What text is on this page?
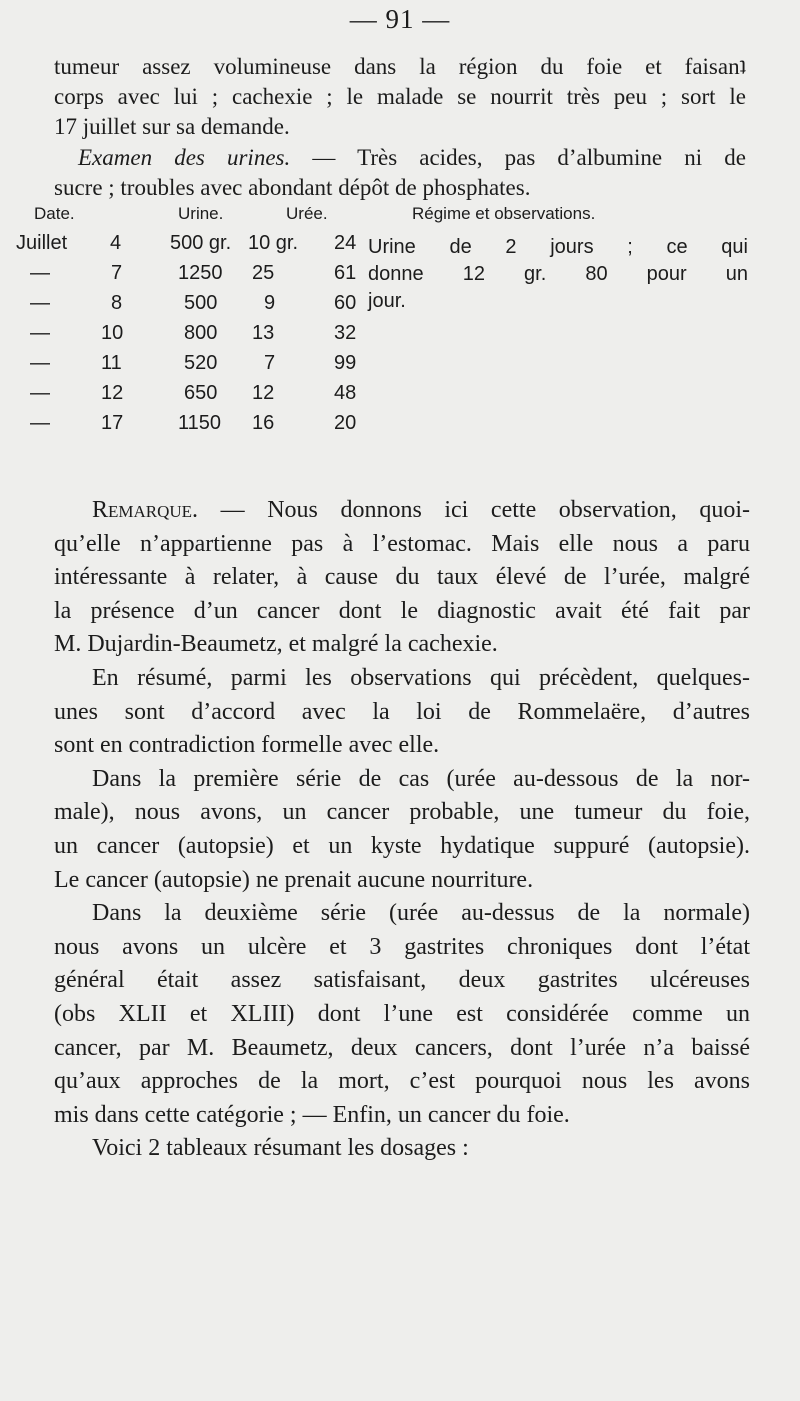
— 91 —
tumeur assez volumineuse dans la région du foie et faisanʇ
corps avec lui ; cachexie ; le malade se nourrit très peu ; sort le
17 juillet sur sa demande.
Examen des urines. — Très acides, pas d’albumine ni de
sucre ; troubles avec abondant dépôt de phosphates.
Date.	Urine.	Urée.	Régime et observations.
Juillet 4 500 gr. 10 gr. 24
—	7	1250 25	61
—	8	500 9	60
—	10	800 13	32
—	11	520 7	99
—	12	650 12	48
—	17	1150 16	20
Urine de 2 jours ; ce qui
donne 12 gr. 80 pour un
jour.
Remarque. — Nous donnons ici cette observation, quoi-
qu’elle n’appartienne pas à l’estomac. Mais elle nous a paru
intéressante à relater, à cause du taux élevé de l’urée, malgré
la présence d’un cancer dont le diagnostic avait été fait par
M. Dujardin-Beaumetz, et malgré la cachexie.
En résumé, parmi les observations qui précèdent, quelques-
unes sont d’accord avec la loi de Rommelaëre, d’autres
sont en contradiction formelle avec elle.
Dans la première série de cas (urée au-dessous de la nor-
male), nous avons, un cancer probable, une tumeur du foie,
un cancer (autopsie) et un kyste hydatique suppuré (autopsie).
Le cancer (autopsie) ne prenait aucune nourriture.
Dans la deuxième série (urée au-dessus de la normale)
nous avons un ulcère et 3 gastrites chroniques dont l’état
général était assez satisfaisant, deux gastrites ulcéreuses
(obs XLII et XLIII) dont l’une est considérée comme un
cancer, par M. Beaumetz, deux cancers, dont l’urée n’a baissé
qu’aux approches de la mort, c’est pourquoi nous les avons
mis dans cette catégorie ; — Enfin, un cancer du foie.
Voici 2 tableaux résumant les dosages :
